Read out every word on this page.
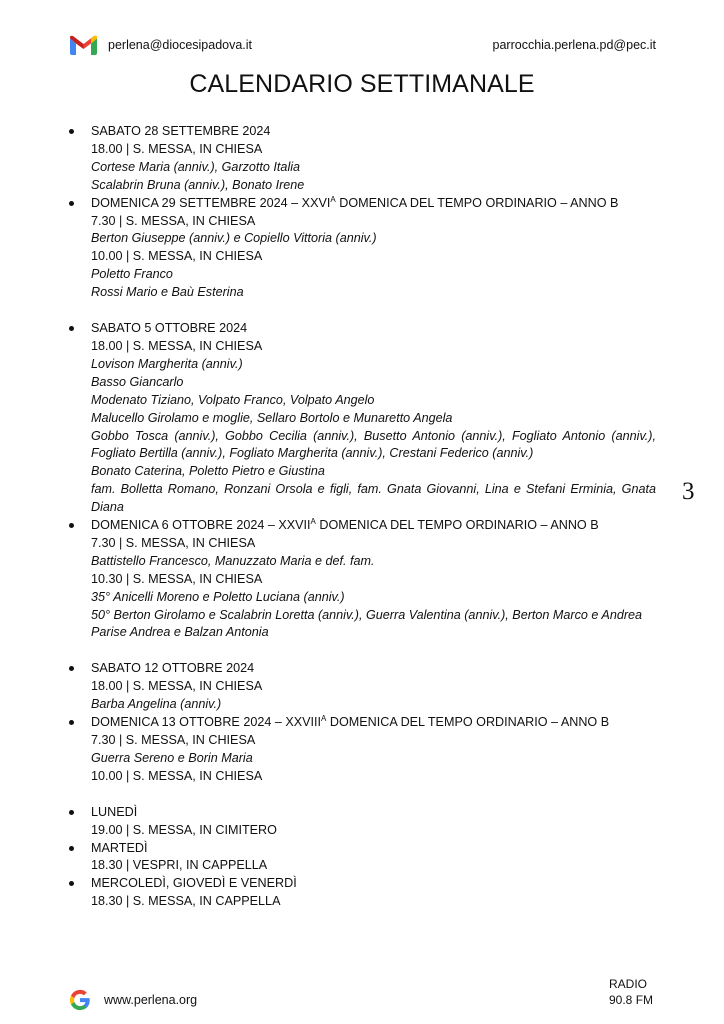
perlena@diocesipadova.it	parrocchia.perlena.pd@pec.it
CALENDARIO SETTIMANALE
SABATO 28 SETTEMBRE 2024
18.00 | S. MESSA, IN CHIESA
Cortese Maria (anniv.), Garzotto Italia
Scalabrin Bruna (anniv.), Bonato Irene
DOMENICA 29 SETTEMBRE $2024 - XXVI^A$ DOMENICA DEL TEMPO ORDINARIO – ANNO B
7.30 | S. MESSA, IN CHIESA
Berton Giuseppe (anniv.) e Copiello Vittoria (anniv.)
10.00 | S. MESSA, IN CHIESA
Poletto Franco
Rossi Mario e Baù Esterina
SABATO 5 OTTOBRE 2024
18.00 | S. MESSA, IN CHIESA
Lovison Margherita (anniv.)
Basso Giancarlo
Modenato Tiziano, Volpato Franco, Volpato Angelo
Malucello Girolamo e moglie, Sellaro Bortolo e Munaretto Angela
Gobbo Tosca (anniv.), Gobbo Cecilia (anniv.), Busetto Antonio (anniv.), Fogliato Antonio (anniv.), Fogliato Bertilla (anniv.), Fogliato Margherita (anniv.), Crestani Federico (anniv.)
Bonato Caterina, Poletto Pietro e Giustina
fam. Bolletta Romano, Ronzani Orsola e figli, fam. Gnata Giovanni, Lina e Stefani Erminia, Gnata Diana
DOMENICA 6 OTTOBRE $2024 - XXVII^A$ DOMENICA DEL TEMPO ORDINARIO – ANNO B
7.30 | S. MESSA, IN CHIESA
Battistello Francesco, Manuzzato Maria e def. fam.
10.30 | S. MESSA, IN CHIESA
35° Anicelli Moreno e Poletto Luciana (anniv.)
50° Berton Girolamo e Scalabrin Loretta (anniv.), Guerra Valentina (anniv.), Berton Marco e Andrea
Parise Andrea e Balzan Antonia
SABATO 12 OTTOBRE 2024
18.00 | S. MESSA, IN CHIESA
Barba Angelina (anniv.)
DOMENICA 13 OTTOBRE $2024 - XXVIII^A$ DOMENICA DEL TEMPO ORDINARIO – ANNO B
7.30 | S. MESSA, IN CHIESA
Guerra Sereno e Borin Maria
10.00 | S. MESSA, IN CHIESA
LUNEDÌ
19.00 | S. MESSA, IN CIMITERO
MARTEDÌ
18.30 | VESPRI, IN CAPPELLA
MERCOLEDÌ, GIOVEDÌ E VENERDÌ
18.30 | S. MESSA, IN CAPPELLA
3
www.perlena.org
RADIO
90.8 FM
